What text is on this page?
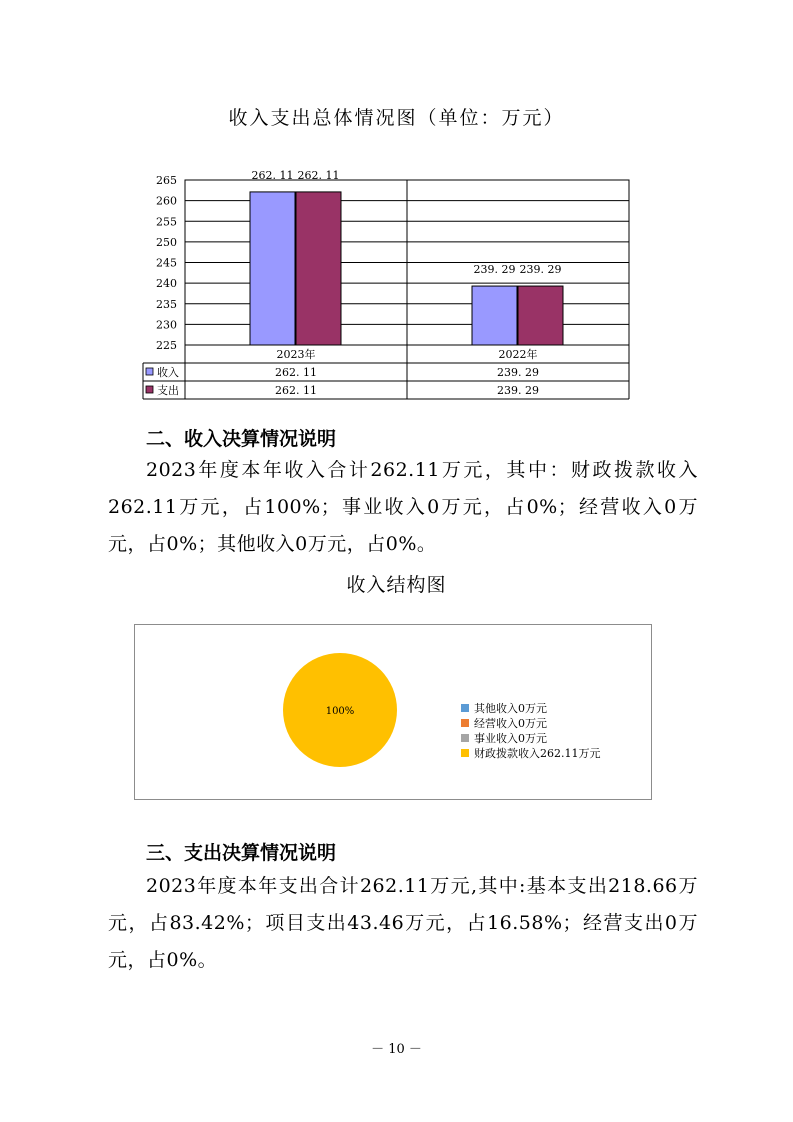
收入支出总体情况图（单位：万元）
225
230
235
240
245
250
255
260
265	262. 11 262. 11
239. 29 239. 29
2023年	2022年
收入	262. 11	239. 29
支出	262. 11	239. 29
二、收入决算情况说明
2023年度本年收入合计262.11万元，其中：财政拨款收入262.11万元，占100%；事业收入0万元，占0%；经营收入0万元，占0%；其他收入0万元，占0%。
收入结构图
100%	其他收入0万元
经营收入0万元
事业收入0万元
财政拨款收入262.11万元
三、支出决算情况说明
2023年度本年支出合计262.11万元,其中:基本支出218.66万元，占83.42%；项目支出43.46万元，占16.58%；经营支出0万元，占0%。
－ 10 －
